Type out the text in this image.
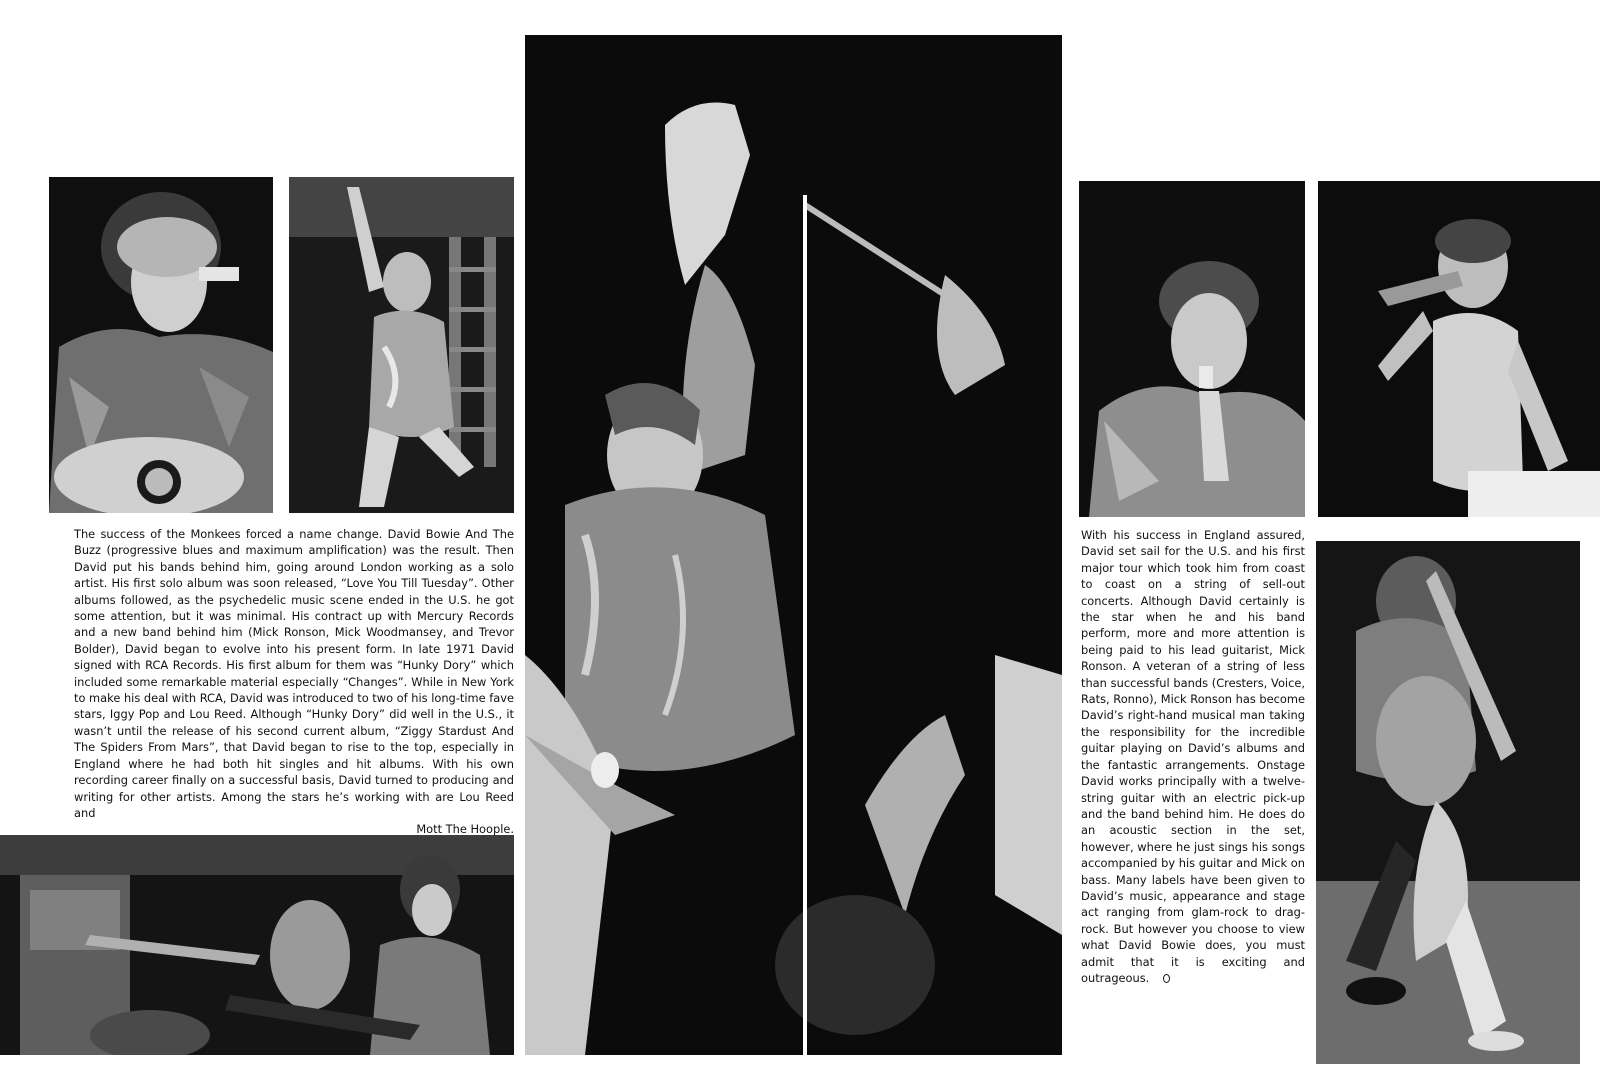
The success of the Monkees forced a name change. David Bowie And The Buzz (progressive blues and maximum amplification) was the result. Then David put his bands behind him, going around London working as a solo artist. His first solo album was soon released, “Love You Till Tuesday”. Other albums followed, as the psychedelic music scene ended in the U.S. he got some attention, but it was minimal. His contract up with Mercury Records and a new band behind him (Mick Ronson, Mick Woodmansey, and Trevor Bolder), David began to evolve into his present form. In late 1971 David signed with RCA Records. His first album for them was “Hunky Dory” which included some remarkable material especially “Changes”. While in New York to make his deal with RCA, David was introduced to two of his long-time fave stars, Iggy Pop and Lou Reed. Although “Hunky Dory” did well in the U.S., it wasn’t until the release of his second current album, “Ziggy Stardust And The Spiders From Mars”, that David began to rise to the top, especially in England where he had both hit singles and hit albums. With his own recording career finally on a successful basis, David turned to producing and writing for other artists. Among the stars he’s working with are Lou Reed and

Mott The Hoople.

With his success in England assured, David set sail for the U.S. and his first major tour which took him from coast to coast on a string of sell-out concerts. Although David certainly is the star when he and his band perform, more and more attention is being paid to his lead guitarist, Mick Ronson. A veteran of a string of less than successful bands (Cresters, Voice, Rats, Ronno), Mick Ronson has become David’s right-hand musical man taking the responsibility for the incredible guitar playing on David’s albums and the fantastic arrangements. Onstage David works principally with a twelve-string guitar with an electric pick-up and the band behind him. He does do an acoustic section in the set, however, where he just sings his songs accompanied by his guitar and Mick on bass. Many labels have been given to David’s music, appearance and stage act ranging from glam-rock to drag-rock. But however you choose to view what David Bowie does, you must admit that it is exciting and outrageous.
